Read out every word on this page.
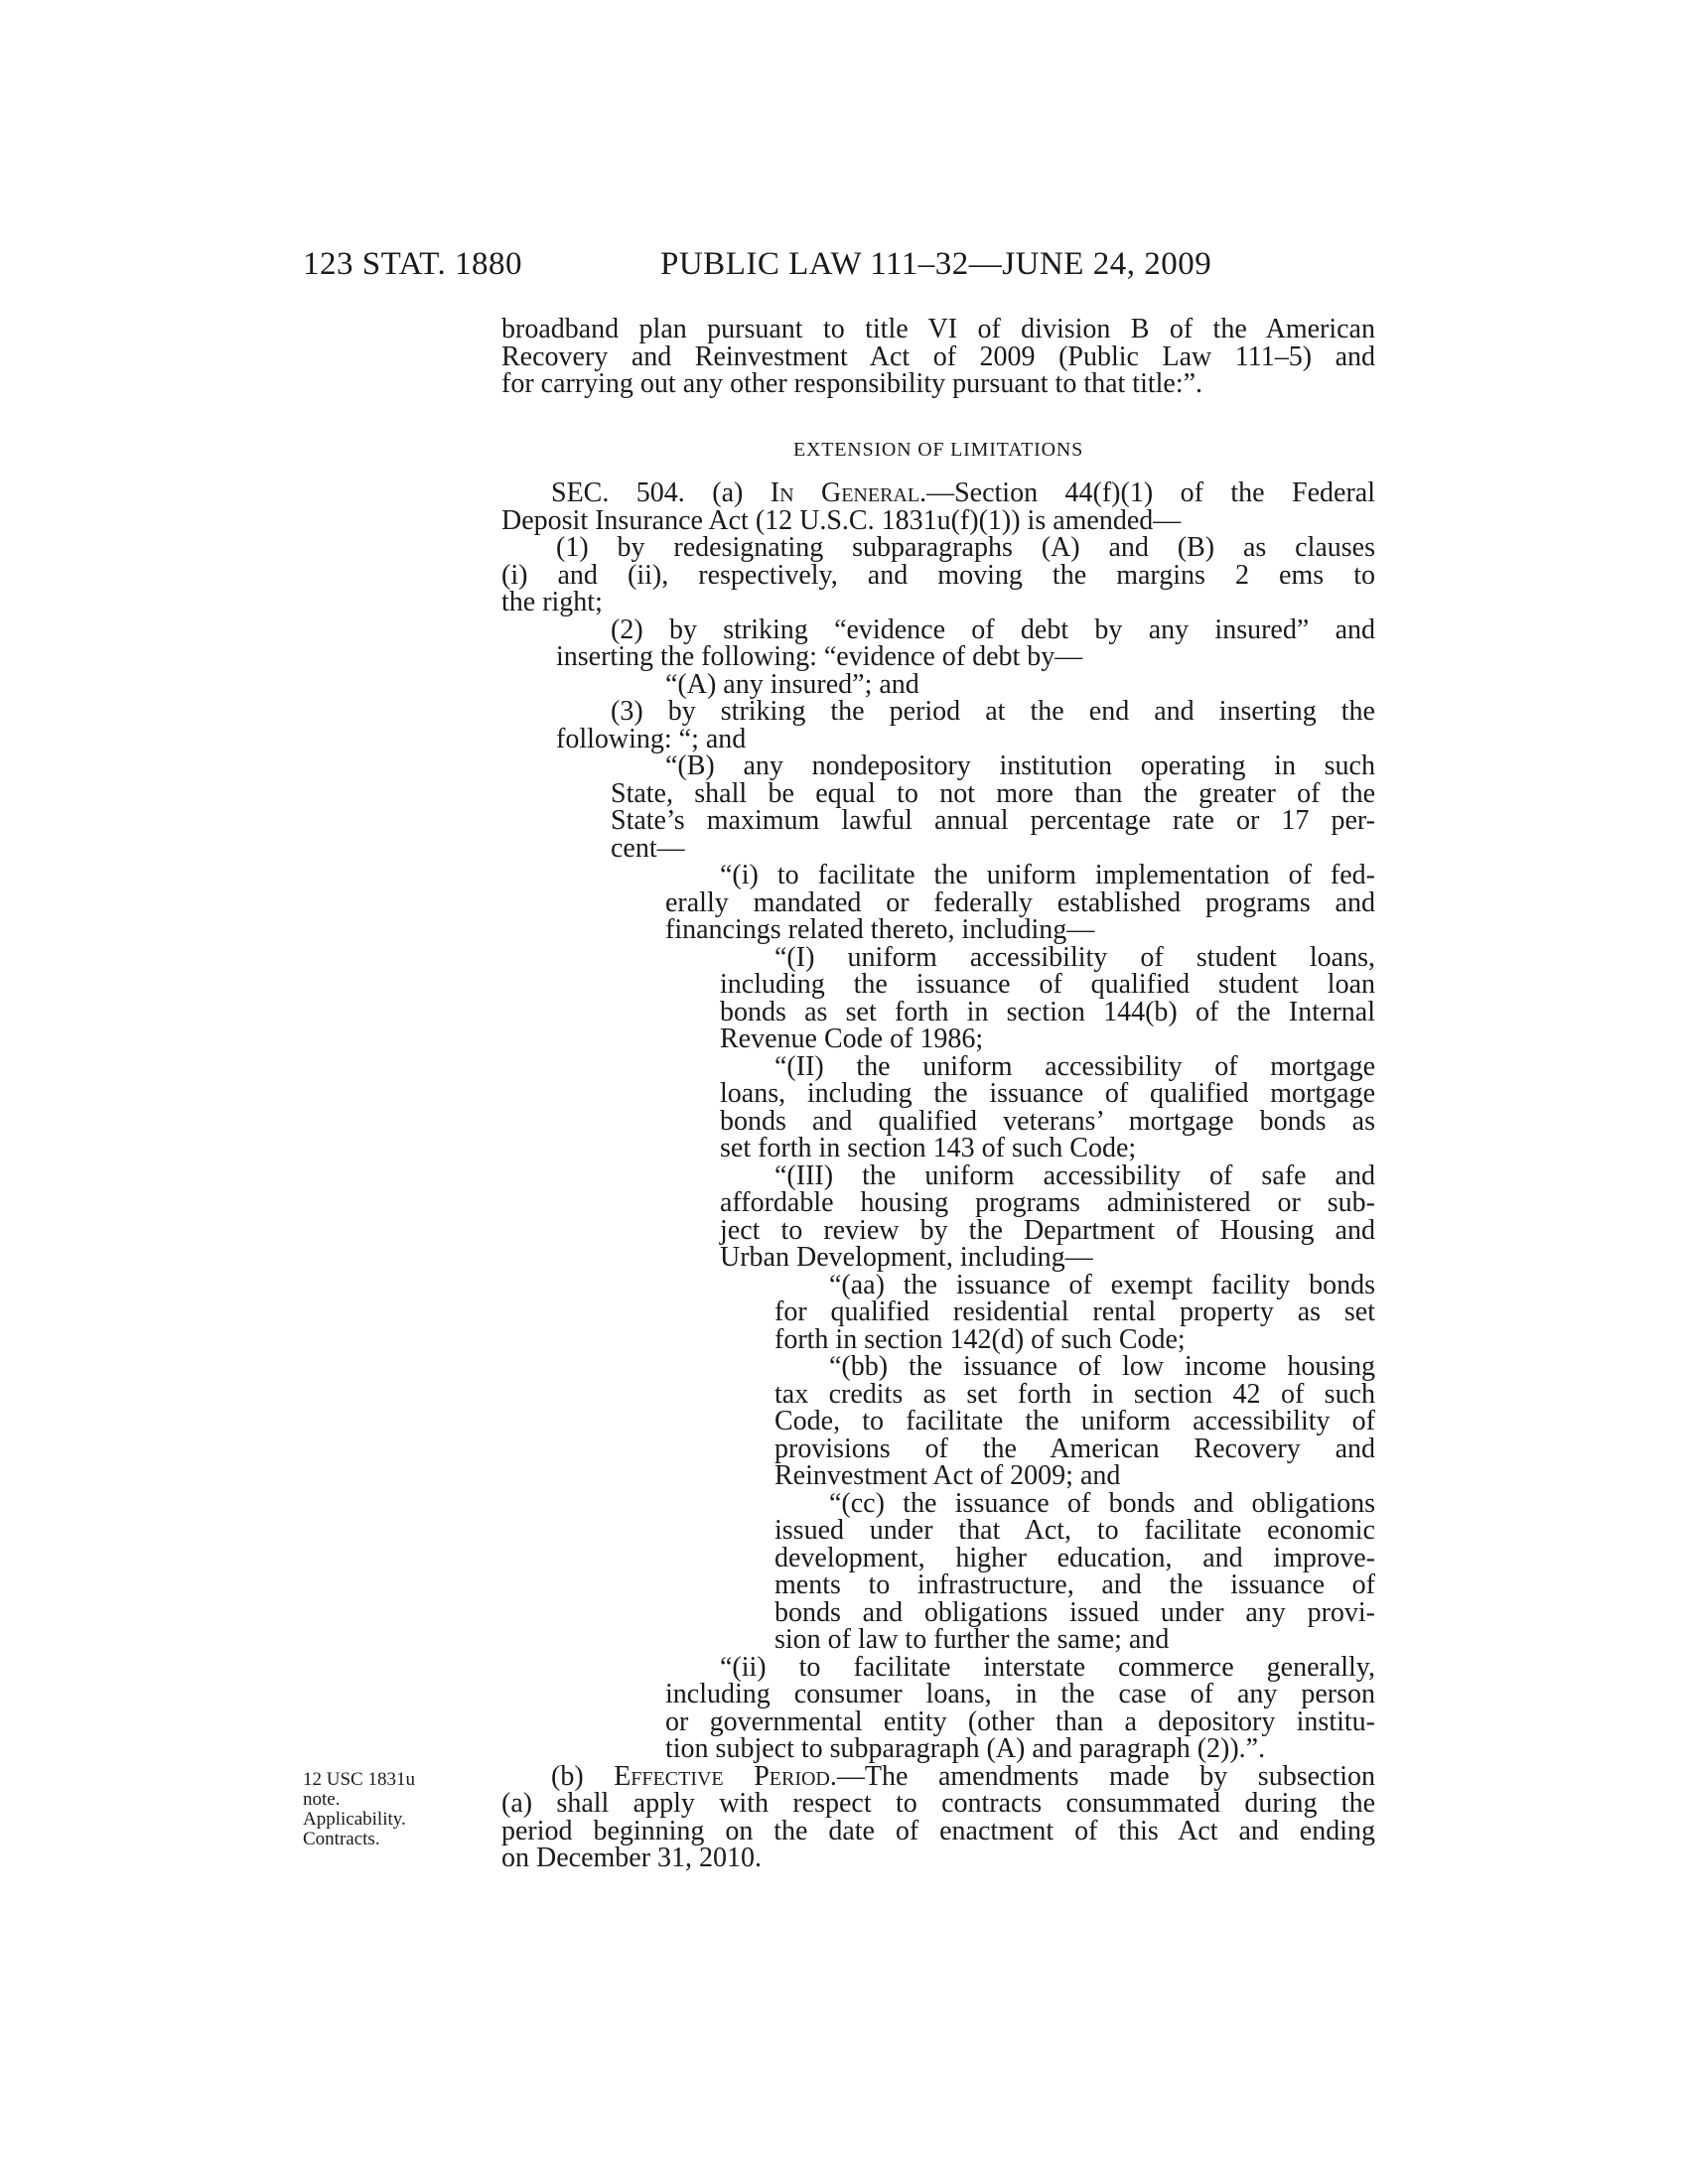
123 STAT. 1880	PUBLIC LAW 111–32—JUNE 24, 2009
broadband plan pursuant to title VI of division B of the American
Recovery and Reinvestment Act of 2009 (Public Law 111–5) and
for carrying out any other responsibility pursuant to that title:”.
EXTENSION OF LIMITATIONS
SEC. 504. (a) In General.—Section 44(f)(1) of the Federal
Deposit Insurance Act (12 U.S.C. 1831u(f)(1)) is amended—
(1) by redesignating subparagraphs (A) and (B) as clauses
(i) and (ii), respectively, and moving the margins 2 ems to
the right;
(2) by striking “evidence of debt by any insured” and
inserting the following: “evidence of debt by—
“(A) any insured”; and
(3) by striking the period at the end and inserting the
following: “; and
“(B) any nondepository institution operating in such
State, shall be equal to not more than the greater of the
State’s maximum lawful annual percentage rate or 17 per-
cent—
“(i) to facilitate the uniform implementation of fed-
erally mandated or federally established programs and
financings related thereto, including—
“(I) uniform accessibility of student loans,
including the issuance of qualified student loan
bonds as set forth in section 144(b) of the Internal
Revenue Code of 1986;
“(II) the uniform accessibility of mortgage
loans, including the issuance of qualified mortgage
bonds and qualified veterans’ mortgage bonds as
set forth in section 143 of such Code;
“(III) the uniform accessibility of safe and
affordable housing programs administered or sub-
ject to review by the Department of Housing and
Urban Development, including—
“(aa) the issuance of exempt facility bonds
for qualified residential rental property as set
forth in section 142(d) of such Code;
“(bb) the issuance of low income housing
tax credits as set forth in section 42 of such
Code, to facilitate the uniform accessibility of
provisions of the American Recovery and
Reinvestment Act of 2009; and
“(cc) the issuance of bonds and obligations
issued under that Act, to facilitate economic
development, higher education, and improve-
ments to infrastructure, and the issuance of
bonds and obligations issued under any provi-
sion of law to further the same; and
“(ii) to facilitate interstate commerce generally,
including consumer loans, in the case of any person
or governmental entity (other than a depository institu-
tion subject to subparagraph (A) and paragraph (2)).”.
(b) Effective Period.—The amendments made by subsection
(a) shall apply with respect to contracts consummated during the
period beginning on the date of enactment of this Act and ending
on December 31, 2010.
12 USC 1831u
note.
Applicability.
Contracts.
